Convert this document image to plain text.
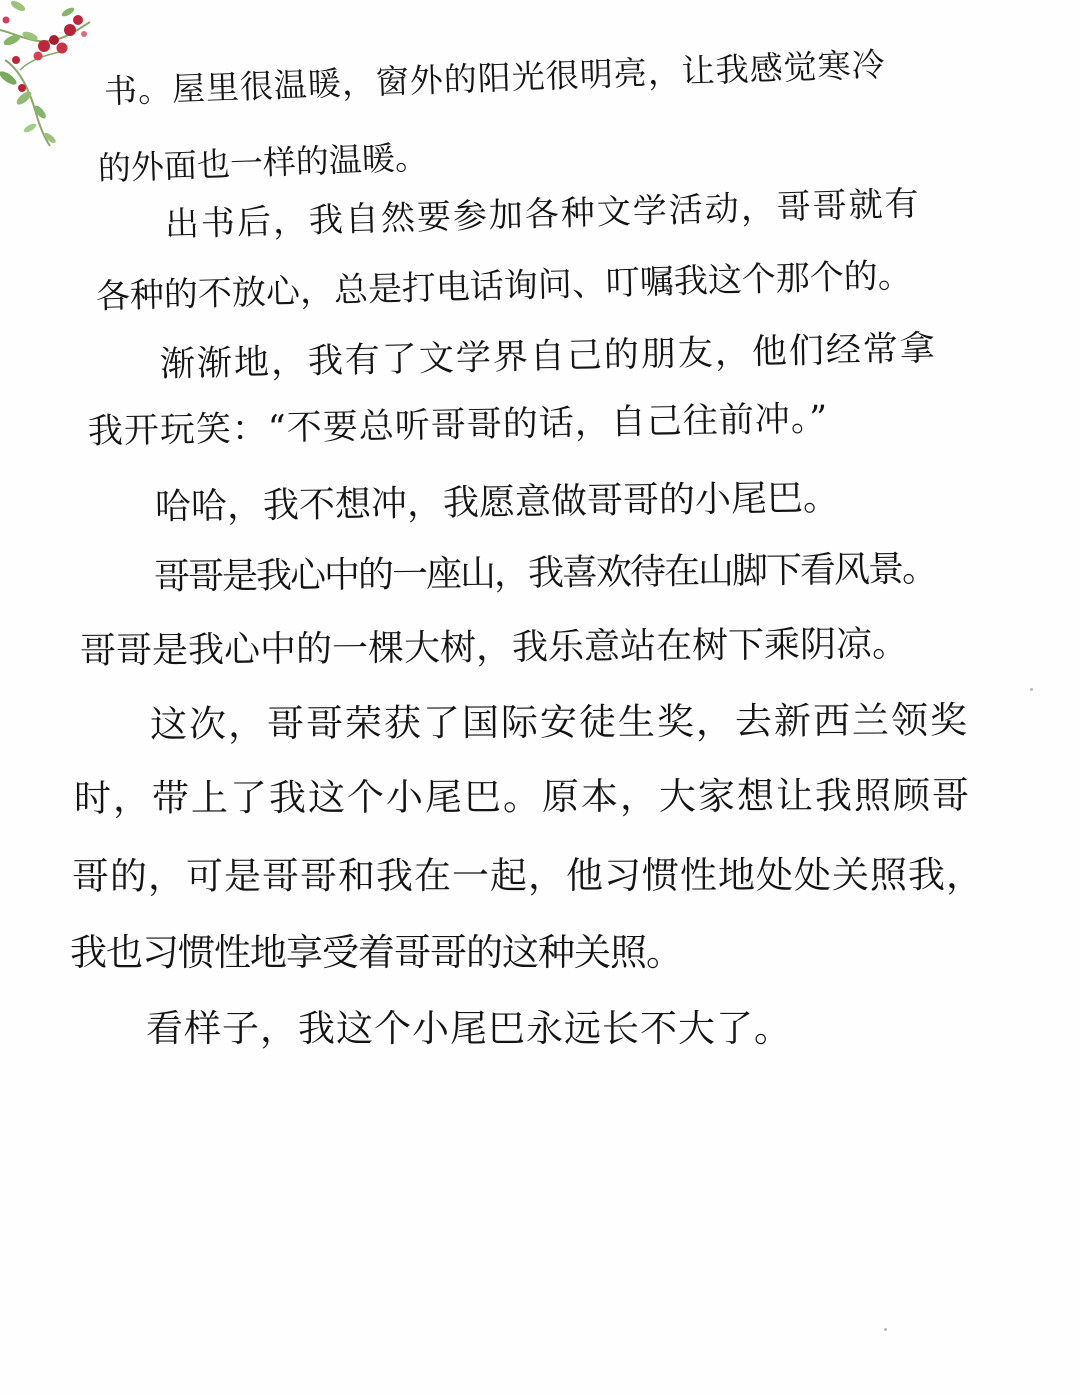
书。屋里很温暖，窗外的阳光很明亮，让我感觉寒冷
的外面也一样的温暖。
出书后，我自然要参加各种文学活动，哥哥就有
各种的不放心，总是打电话询问、叮嘱我这个那个的。
渐渐地，我有了文学界自己的朋友，他们经常拿
我开玩笑：“不要总听哥哥的话，自己往前冲。”
哈哈，我不想冲，我愿意做哥哥的小尾巴。
哥哥是我心中的一座山，我喜欢待在山脚下看风景。
哥哥是我心中的一棵大树，我乐意站在树下乘阴凉。
这次，哥哥荣获了国际安徒生奖，去新西兰领奖
时，带上了我这个小尾巴。原本，大家想让我照顾哥
哥的，可是哥哥和我在一起，他习惯性地处处关照我，
我也习惯性地享受着哥哥的这种关照。
看样子，我这个小尾巴永远长不大了。
